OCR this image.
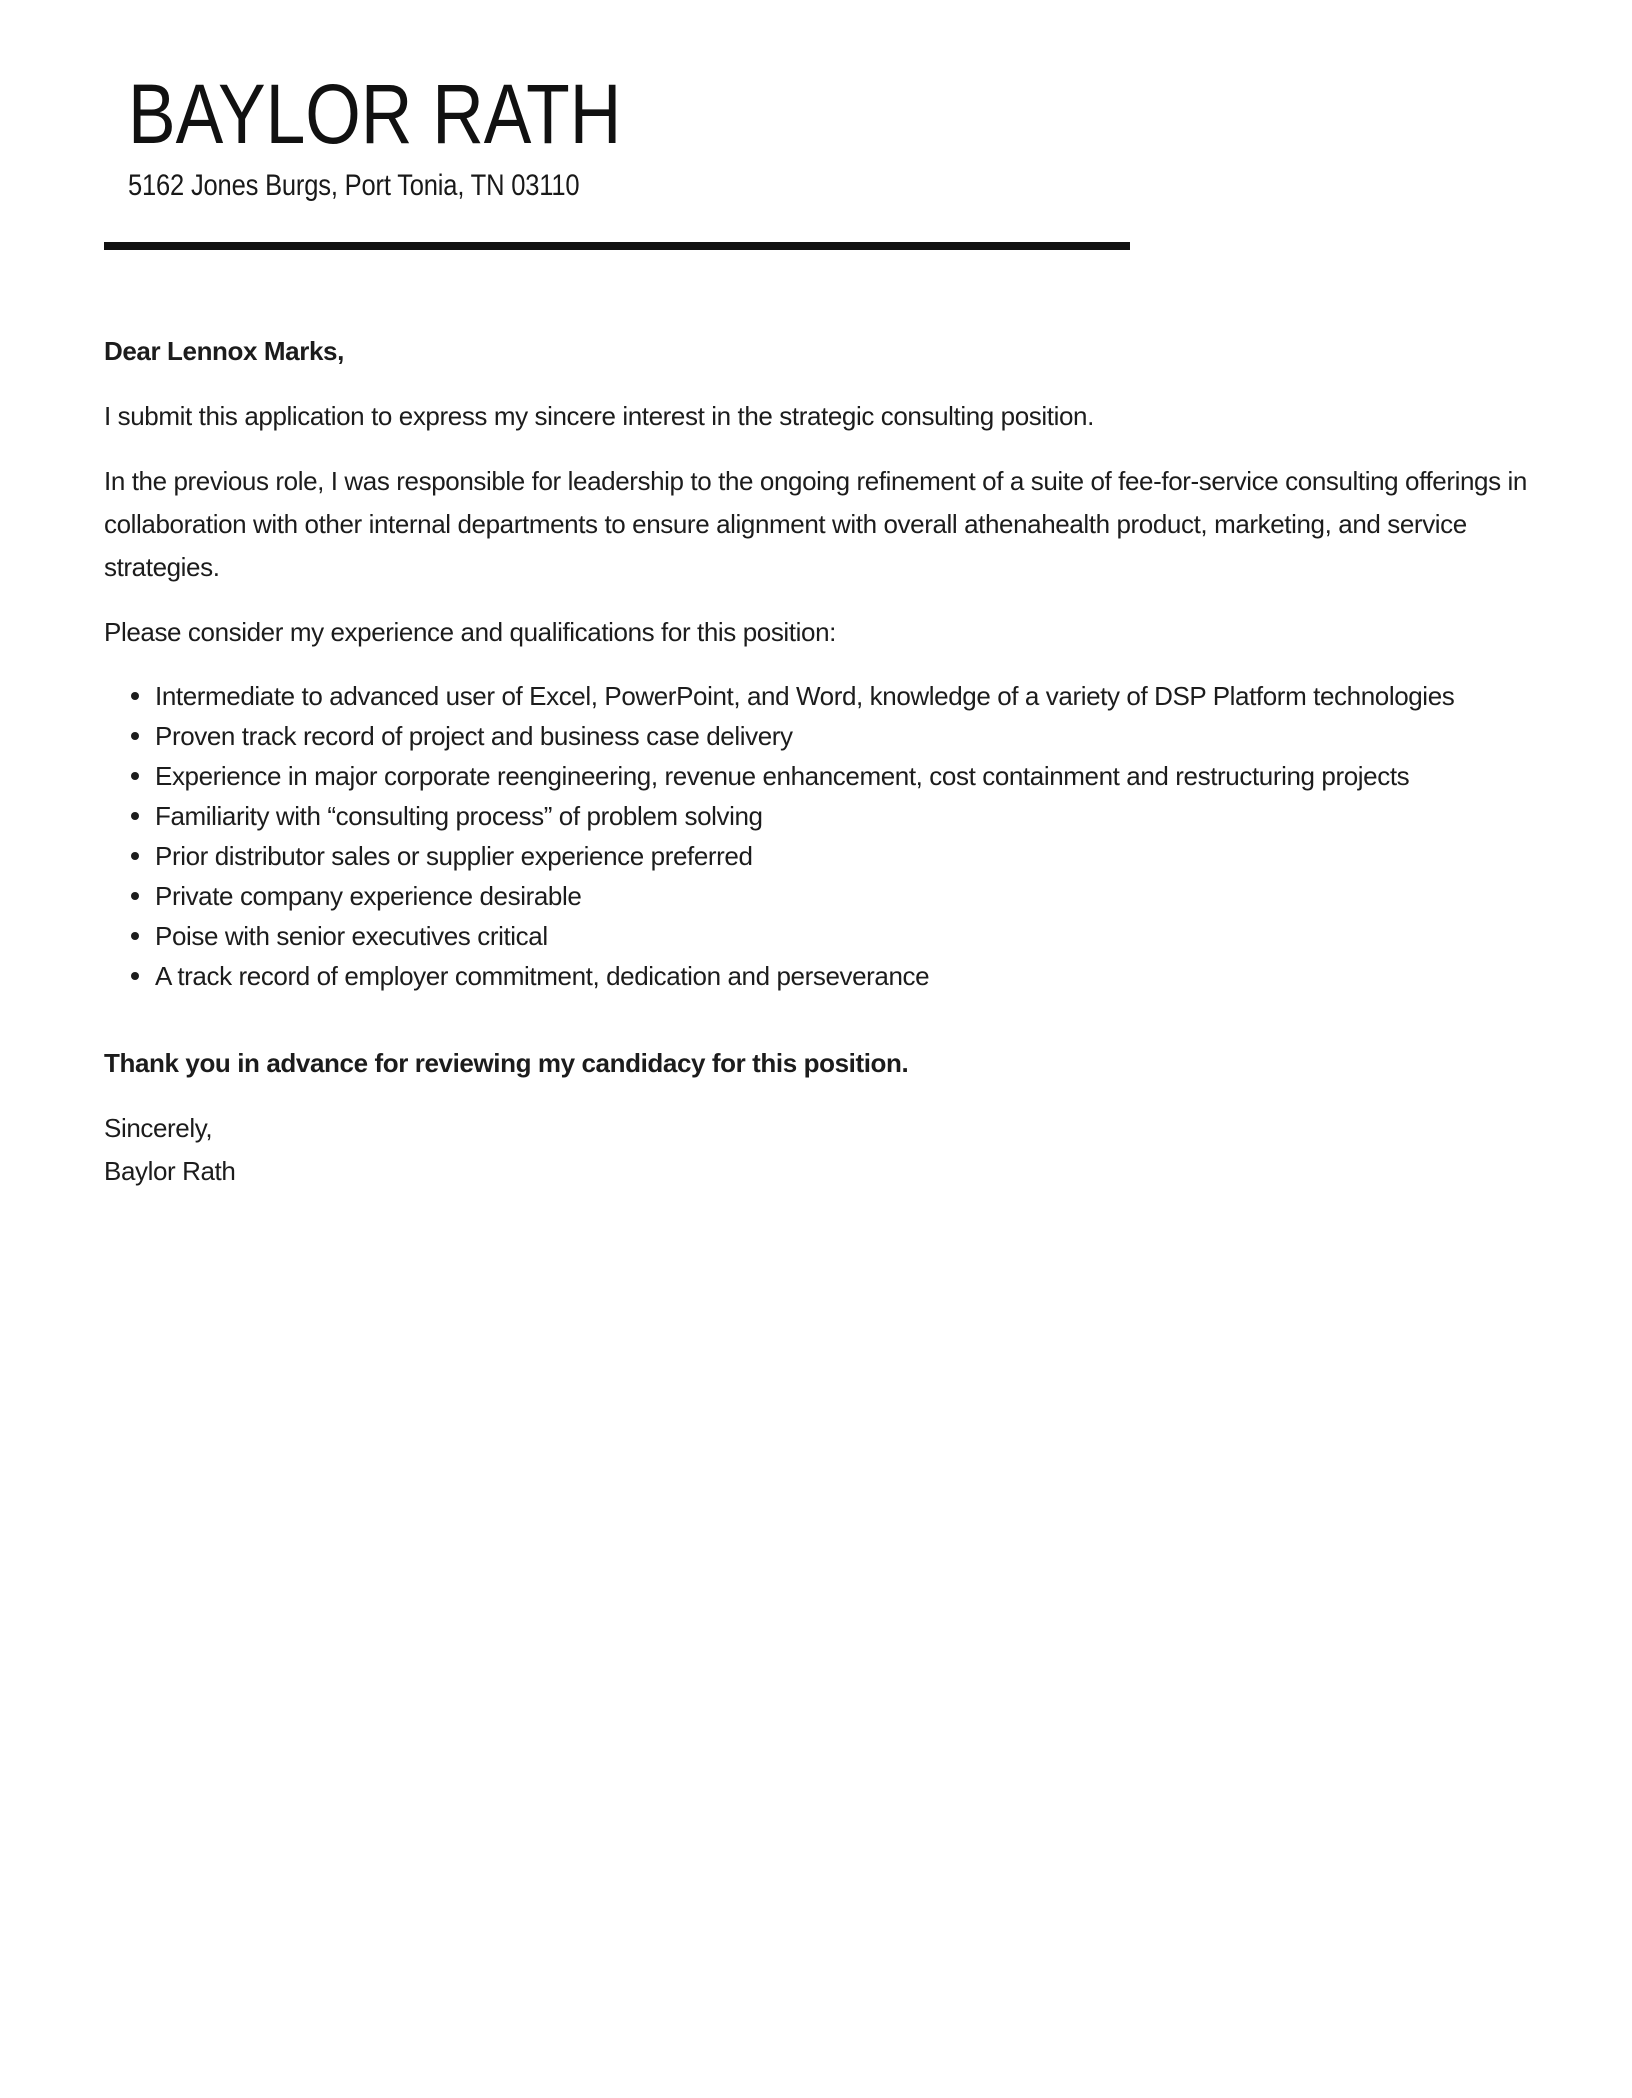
BAYLOR RATH
5162 Jones Burgs, Port Tonia, TN 03110

Dear Lennox Marks,

I submit this application to express my sincere interest in the strategic consulting position.

In the previous role, I was responsible for leadership to the ongoing refinement of a suite of fee-for-service consulting offerings in collaboration with other internal departments to ensure alignment with overall athenahealth product, marketing, and service strategies.

Please consider my experience and qualifications for this position:

Intermediate to advanced user of Excel, PowerPoint, and Word, knowledge of a variety of DSP Platform technologies
Proven track record of project and business case delivery
Experience in major corporate reengineering, revenue enhancement, cost containment and restructuring projects
Familiarity with “consulting process” of problem solving
Prior distributor sales or supplier experience preferred
Private company experience desirable
Poise with senior executives critical
A track record of employer commitment, dedication and perseverance

Thank you in advance for reviewing my candidacy for this position.

Sincerely,
Baylor Rath
